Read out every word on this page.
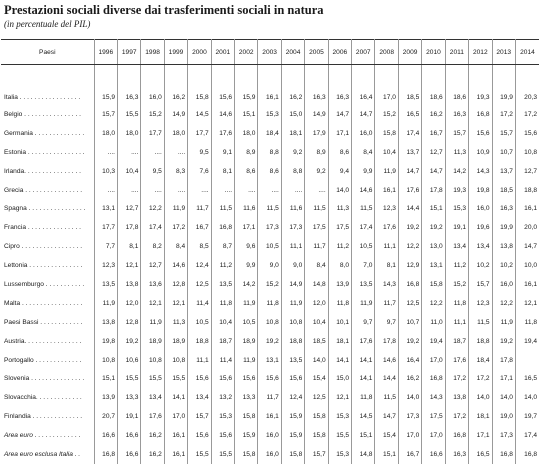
Prestazioni sociali diverse dai trasferimenti sociali in natura
(in percentuale del PIL)
Paesi	1996	1997	1998	1999	2000	2001	2002	2003	2004	2005	2006	2007	2008	2009	2010	2011	2012	2013	2014
Italia . . . . . . . . . . . . . . . . .	15,9	16,3	16,0	16,2	15,8	15,6	15,9	16,1	16,2	16,3	16,3	16,4	17,0	18,5	18,6	18,6	19,3	19,9	20,3
Belgio . . . . . . . . . . . . . . . .	15,7	15,5	15,2	14,9	14,5	14,6	15,1	15,3	15,0	14,9	14,7	14,7	15,2	16,5	16,2	16,3	16,8	17,2	17,2
Germania . . . . . . . . . . . . . .	18,0	18,0	17,7	18,0	17,7	17,6	18,0	18,4	18,1	17,9	17,1	16,0	15,8	17,4	16,7	15,7	15,6	15,7	15,6
Estonia . . . . . . . . . . . . . . . .	....	....	....	....	9,5	9,1	8,9	8,8	9,2	8,9	8,6	8,4	10,4	13,7	12,7	11,3	10,9	10,7	10,8
Irlanda. . . . . . . . . . . . . . . .	10,3	10,4	9,5	8,3	7,6	8,1	8,6	8,6	8,8	9,2	9,4	9,9	11,9	14,7	14,7	14,2	14,3	13,7	12,7
Grecia . . . . . . . . . . . . . . . .	....	....	....	....	....	....	....	....	....	....	14,0	14,6	16,1	17,6	17,8	19,3	19,8	18,5	18,8
Spagna . . . . . . . . . . . . . . . .	13,1	12,7	12,2	11,9	11,7	11,5	11,6	11,5	11,6	11,5	11,3	11,5	12,3	14,4	15,1	15,3	16,0	16,3	16,1
Francia . . . . . . . . . . . . . . .	17,7	17,8	17,4	17,2	16,7	16,8	17,1	17,3	17,3	17,5	17,5	17,4	17,6	19,2	19,2	19,1	19,6	19,9	20,0
Cipro . . . . . . . . . . . . . . . . .	7,7	8,1	8,2	8,4	8,5	8,7	9,6	10,5	11,1	11,7	11,2	10,5	11,1	12,2	13,0	13,4	13,4	13,8	14,7
Lettonia . . . . . . . . . . . . . . .	12,3	12,1	12,7	14,6	12,4	11,2	9,9	9,0	9,0	8,4	8,0	7,0	8,1	12,9	13,1	11,2	10,2	10,2	10,0
Lussemburgo . . . . . . . . . . .	13,5	13,8	13,6	12,8	12,5	13,5	14,2	15,2	14,9	14,8	13,9	13,5	14,3	16,8	15,8	15,2	15,7	16,0	16,1
Malta . . . . . . . . . . . . . . . . .	11,9	12,0	12,1	12,1	11,4	11,8	11,9	11,8	11,9	12,0	11,8	11,9	11,7	12,5	12,2	11,8	12,3	12,2	12,1
Paesi Bassi . . . . . . . . . . . .	13,8	12,8	11,9	11,3	10,5	10,4	10,5	10,8	10,8	10,4	10,1	9,7	9,7	10,7	11,0	11,1	11,5	11,9	11,8
Austria. . . . . . . . . . . . . . . .	19,8	19,2	18,9	18,9	18,8	18,7	18,9	19,2	18,8	18,5	18,1	17,6	17,8	19,2	19,4	18,7	18,8	19,2	19,4
Portogallo . . . . . . . . . . . . .	10,8	10,6	10,8	10,8	11,1	11,4	11,9	13,1	13,5	14,0	14,1	14,1	14,6	16,4	17,0	17,6	18,4	17,8	
Slovenia . . . . . . . . . . . . . . .	15,1	15,5	15,5	15,5	15,6	15,6	15,6	15,6	15,6	15,4	15,0	14,1	14,4	16,2	16,8	17,2	17,2	17,1	16,5
Slovacchia. . . . . . . . . . . . .	13,9	13,3	13,4	14,1	13,4	13,2	13,3	11,7	12,4	12,5	12,1	11,8	11,5	14,0	14,3	13,8	14,0	14,0	14,0
Finlandia . . . . . . . . . . . . . .	20,7	19,1	17,6	17,0	15,7	15,3	15,8	16,1	15,9	15,8	15,3	14,5	14,7	17,3	17,5	17,2	18,1	19,0	19,7
Area euro . . . . . . . . . . . . .	16,6	16,6	16,2	16,1	15,6	15,6	15,9	16,0	15,9	15,8	15,5	15,1	15,4	17,0	17,0	16,8	17,1	17,3	17,4
Area euro esclusa Italia . .	16,8	16,6	16,2	16,1	15,5	15,5	15,8	16,0	15,8	15,7	15,3	14,8	15,1	16,7	16,6	16,3	16,5	16,8	16,8
